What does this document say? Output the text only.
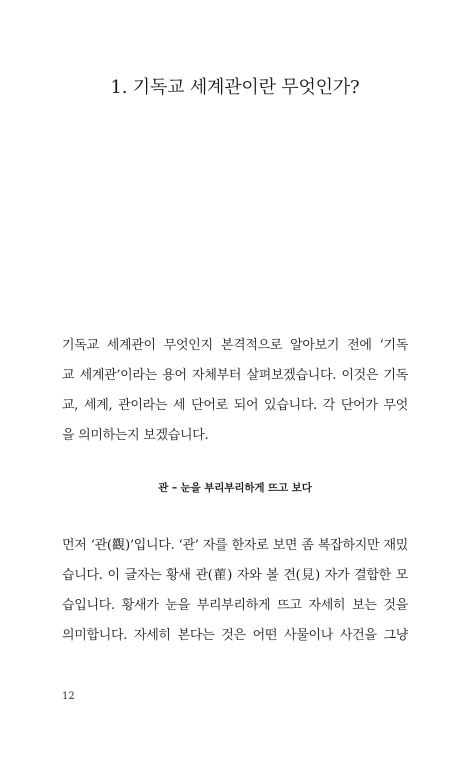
1. 기독교 세계관이란 무엇인가?

기독교 세계관이 무엇인지 본격적으로 알아보기 전에 ‘기독
교 세계관’이라는 용어 자체부터 살펴보겠습니다. 이것은 기독
교, 세계, 관이라는 세 단어로 되어 있습니다. 각 단어가 무엇
을 의미하는지 보겠습니다.

관 – 눈을 부리부리하게 뜨고 보다

먼저 ‘관(觀)’입니다. ‘관’ 자를 한자로 보면 좀 복잡하지만 재밌
습니다. 이 글자는 황새 관(雚) 자와 볼 견(見) 자가 결합한 모
습입니다. 황새가 눈을 부리부리하게 뜨고 자세히 보는 것을
의미합니다. 자세히 본다는 것은 어떤 사물이나 사건을 그냥

12
